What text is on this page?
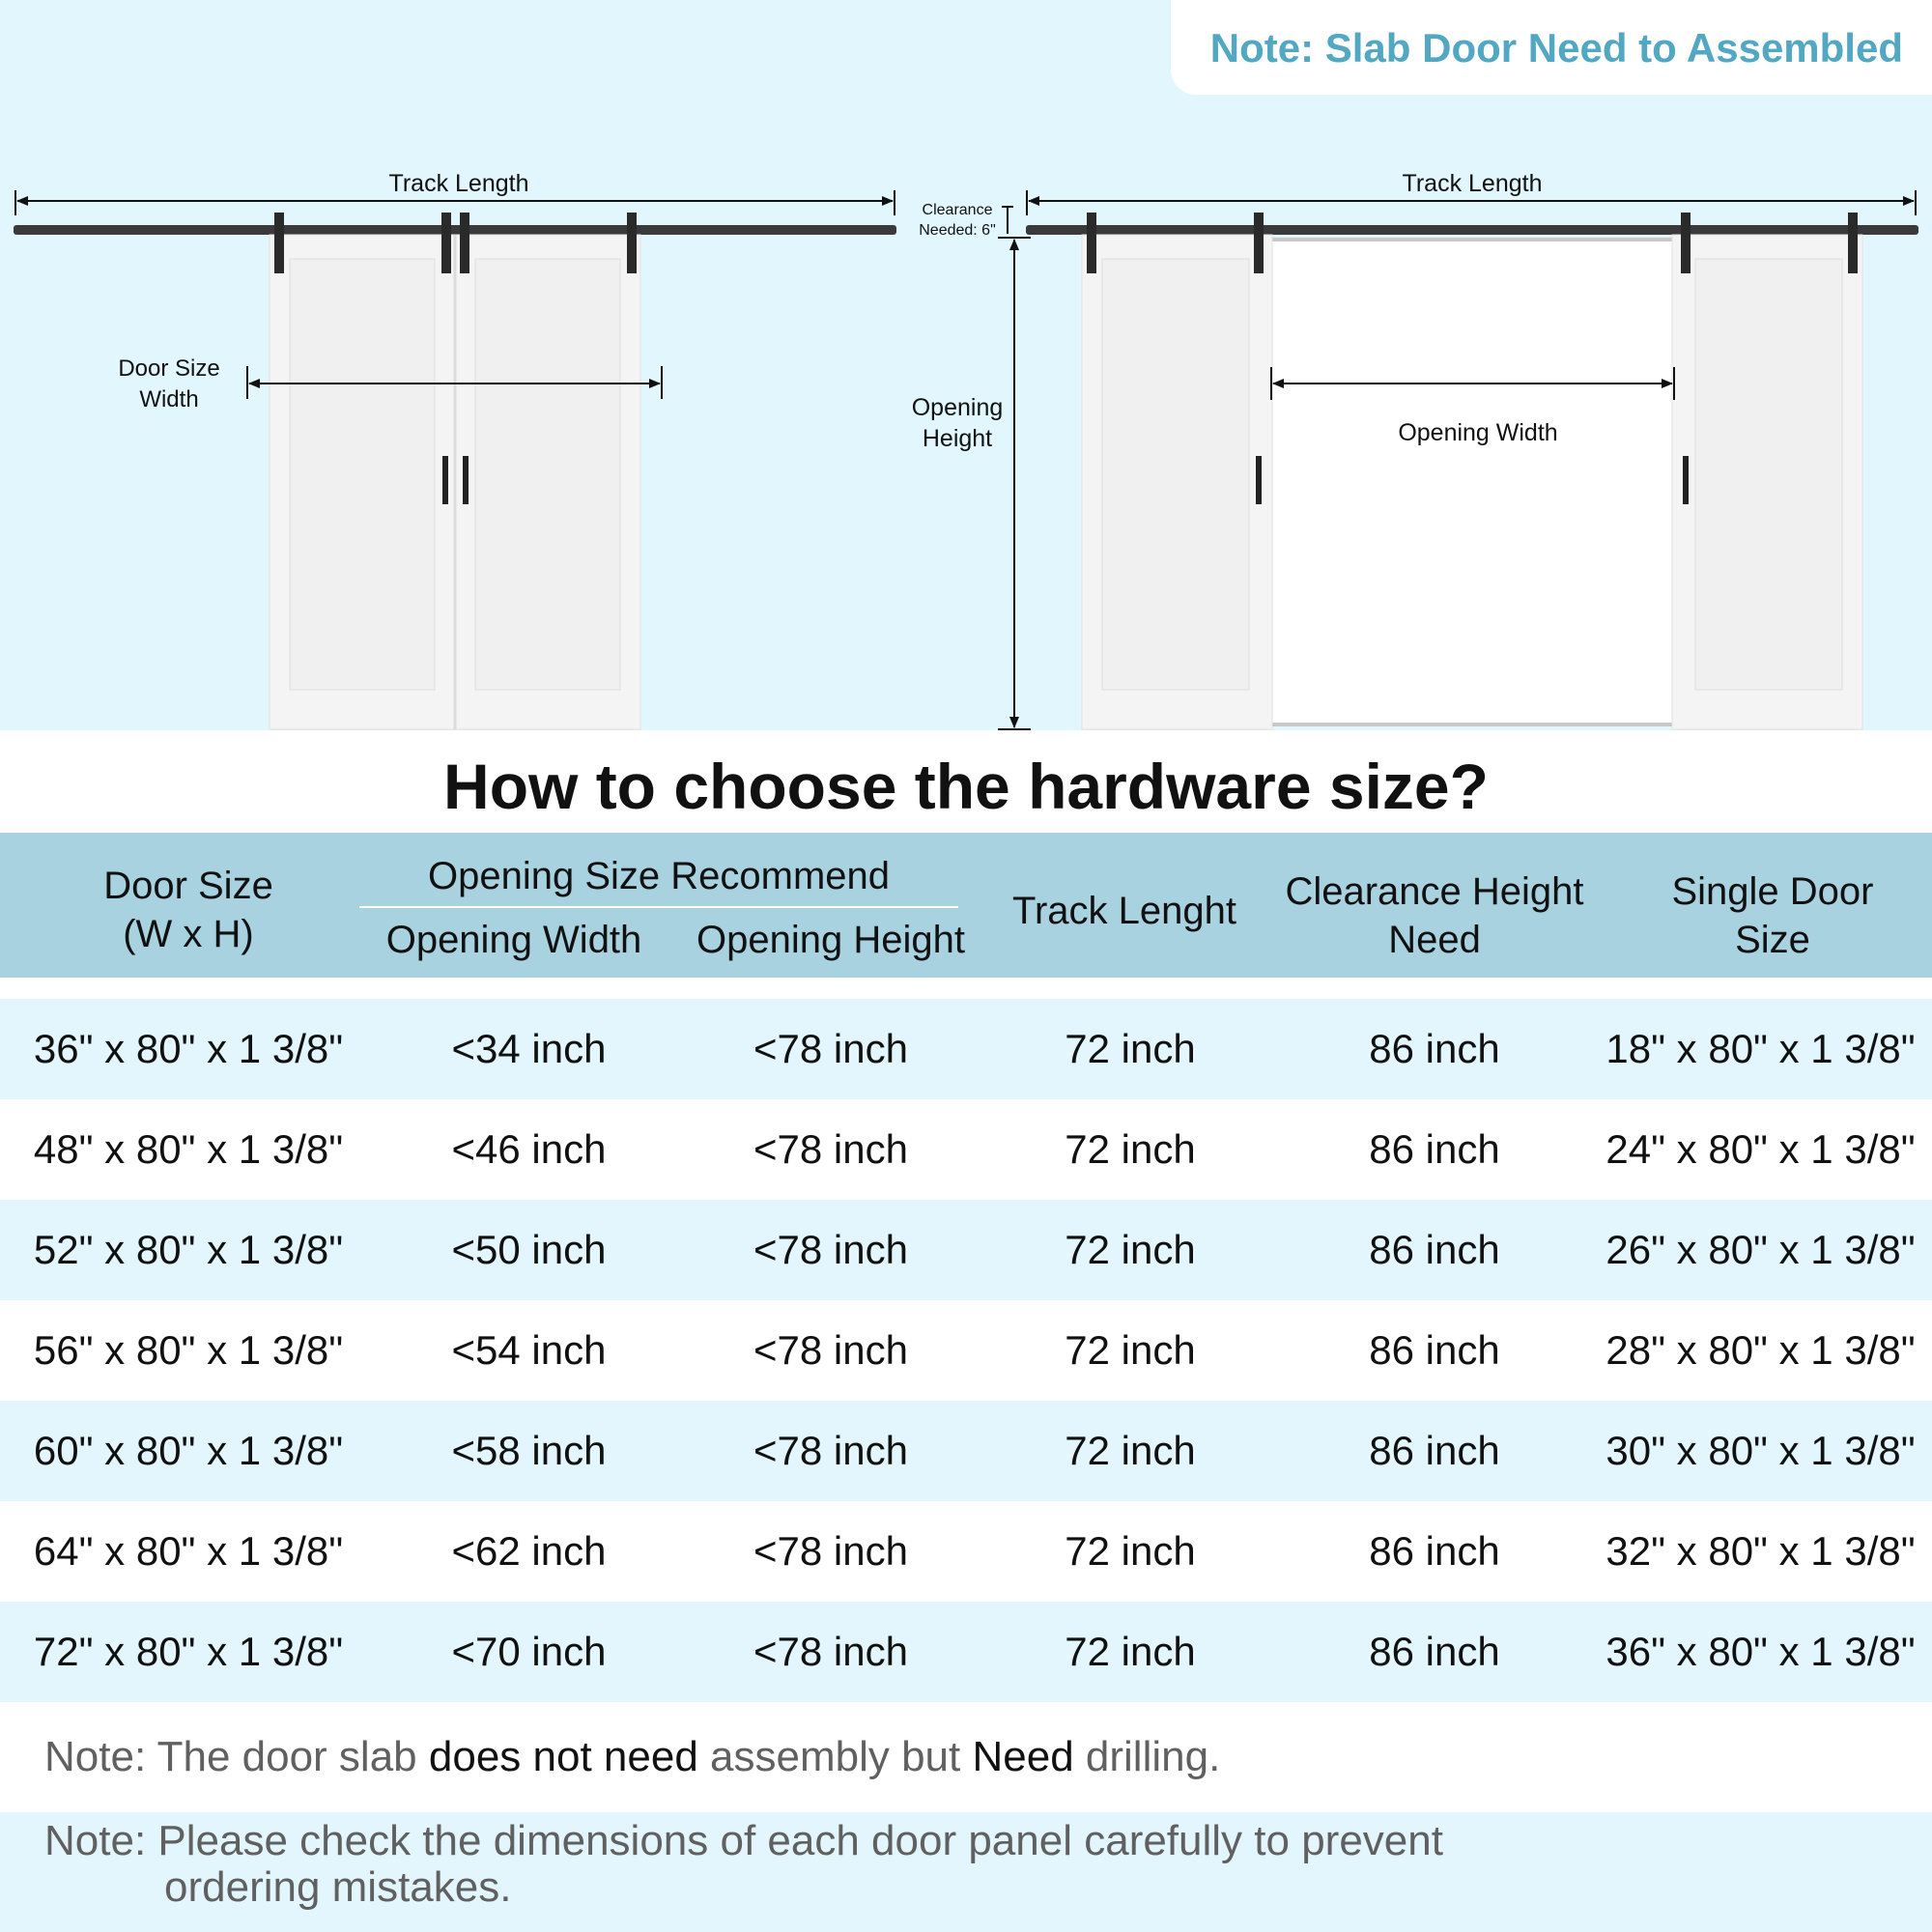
Note: Slab Door Need to Assembled
Track Length
Door Size
Width
Track Length
Clearance
Needed: 6"
Opening
Height	Opening Width
How to choose the hardware size?
Door Size
(W x H)
Opening Size Recommend
Opening Width	Opening Height
Track Lenght	Clearance Height
Need
Single Door
Size
36" x 80" x 1 3/8"	<34 inch	<78 inch	72 inch	86 inch	18" x 80" x 1 3/8"
48" x 80" x 1 3/8"	<46 inch	<78 inch	72 inch	86 inch	24" x 80" x 1 3/8"
52" x 80" x 1 3/8"	<50 inch	<78 inch	72 inch	86 inch	26" x 80" x 1 3/8"
56" x 80" x 1 3/8"	<54 inch	<78 inch	72 inch	86 inch	28" x 80" x 1 3/8"
60" x 80" x 1 3/8"	<58 inch	<78 inch	72 inch	86 inch	30" x 80" x 1 3/8"
64" x 80" x 1 3/8"	<62 inch	<78 inch	72 inch	86 inch	32" x 80" x 1 3/8"
72" x 80" x 1 3/8"	<70 inch	<78 inch	72 inch	86 inch	36" x 80" x 1 3/8"

Note: The door slab does not need assembly but Need drilling.

Note: Please check the dimensions of each door panel carefully to prevent
ordering mistakes.
